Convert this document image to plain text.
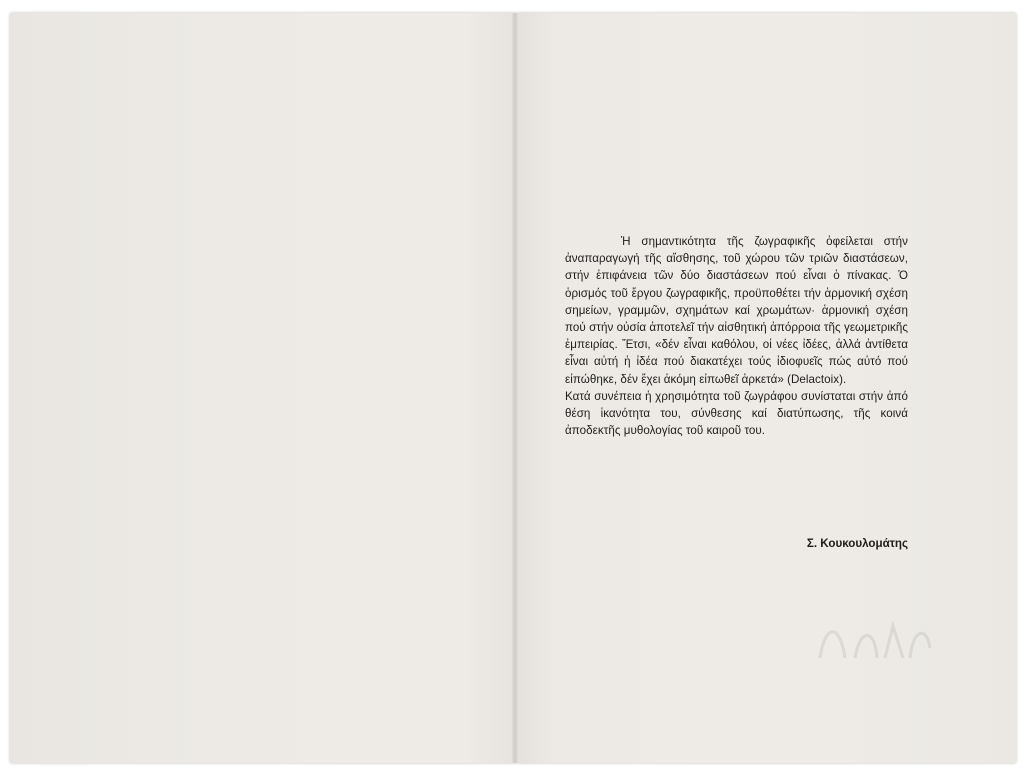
Ἡ σημαντικότητα τῆς ζωγραφικῆς ὀφείλεται στήν ἀναπαραγωγή τῆς αἴσθησης, τοῦ χώρου τῶν τριῶν διαστάσεων, στήν ἐπιφάνεια τῶν δύο διαστάσεων πού εἶναι ὁ πίνακας. Ὁ ὁρισμός τοῦ ἔργου ζωγραφικῆς, προϋποθέτει τήν ἁρμονική σχέση σημείων, γραμμῶν, σχημάτων καί χρωμάτων· ἁρμονική σχέση πού στήν οὐσία ἀποτελεῖ τήν αἰσθητική ἀπόρροια τῆς γεωμετρικῆς ἐμπειρίας. Ἔτσι, «δέν εἶναι καθόλου, οἱ νέες ἰδέες, ἀλλά ἀντίθετα εἶναι αὐτή ἡ ἰδέα πού διακατέχει τούς ἰδιοφυεῖς πώς αὐτό πού εἰπώθηκε, δέν ἔχει ἀκόμη εἰπωθεῖ ἀρκετά» (Delactoix).

Κατά συνέπεια ἡ χρησιμότητα τοῦ ζωγράφου συνίσταται στήν ἀπό θέση ἱκανότητα του, σύνθεσης καί διατύπωσης, τῆς κοινά ἀποδεκτῆς μυθολογίας τοῦ καιροῦ του.

Σ. Κουκουλομάτης
